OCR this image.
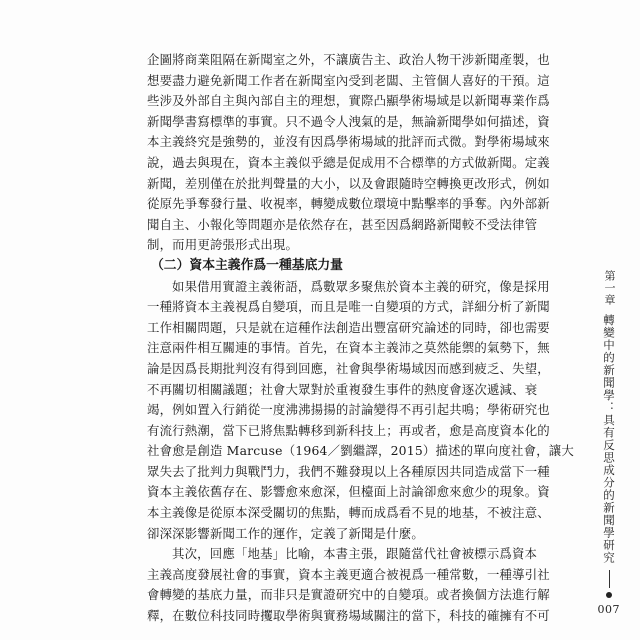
企圖將商業阻隔在新聞室之外，不讓廣告主、政治人物干涉新聞產製，也
想要盡力避免新聞工作者在新聞室內受到老闆、主管個人喜好的干預。這
些涉及外部自主與內部自主的理想，實際凸顯學術場域是以新聞專業作爲
新聞學書寫標準的事實。只不過令人洩氣的是，無論新聞學如何描述，資
本主義終究是強勢的，並沒有因爲學術場域的批評而式微。對學術場域來
說，過去與現在，資本主義似乎總是促成用不合標準的方式做新聞。定義
新聞，差別僅在於批判聲量的大小，以及會跟隨時空轉換更改形式，例如
從原先爭奪發行量、收視率，轉變成數位環境中點擊率的爭奪。內外部新
聞自主、小報化等問題亦是依然存在，甚至因爲網路新聞較不受法律管
制，而用更誇張形式出現。
（二）資本主義作爲一種基底力量
如果借用實證主義術語，爲數眾多聚焦於資本主義的研究，像是採用
一種將資本主義視爲自變項，而且是唯一自變項的方式，詳細分析了新聞
工作相關問題，只是就在這種作法創造出豐富研究論述的同時，卻也需要
注意兩件相互關連的事情。首先，在資本主義沛之莫然能禦的氣勢下，無
論是因爲長期批判沒有得到回應，社會與學術場域因而感到疲乏、失望，
不再關切相關議題；社會大眾對於重複發生事件的熱度會逐次遞減、衰
竭，例如置入行銷從一度沸沸揚揚的討論變得不再引起共鳴；學術研究也
有流行熱潮，當下已將焦點轉移到新科技上；再或者，愈是高度資本化的
社會愈是創造 Marcuse（1964／劉繼譯，2015）描述的單向度社會，讓大
眾失去了批判力與戰鬥力，我們不難發現以上各種原因共同造成當下一種
資本主義依舊存在、影響愈來愈深，但檯面上討論卻愈來愈少的現象。資
本主義像是從原本深受關切的焦點，轉而成爲看不見的地基，不被注意、
卻深深影響新聞工作的運作，定義了新聞是什麼。
其次，回應「地基」比喻，本書主張，跟隨當代社會被標示爲資本
主義高度發展社會的事實，資本主義更適合被視爲一種常數，一種導引社
會轉變的基底力量，而非只是實證研究中的自變項。或者換個方法進行解
釋，在數位科技同時攫取學術與實務場域關注的當下，科技的確擁有不可
第一章
轉變中的新聞學：具有反思成分的新聞學研究
007
